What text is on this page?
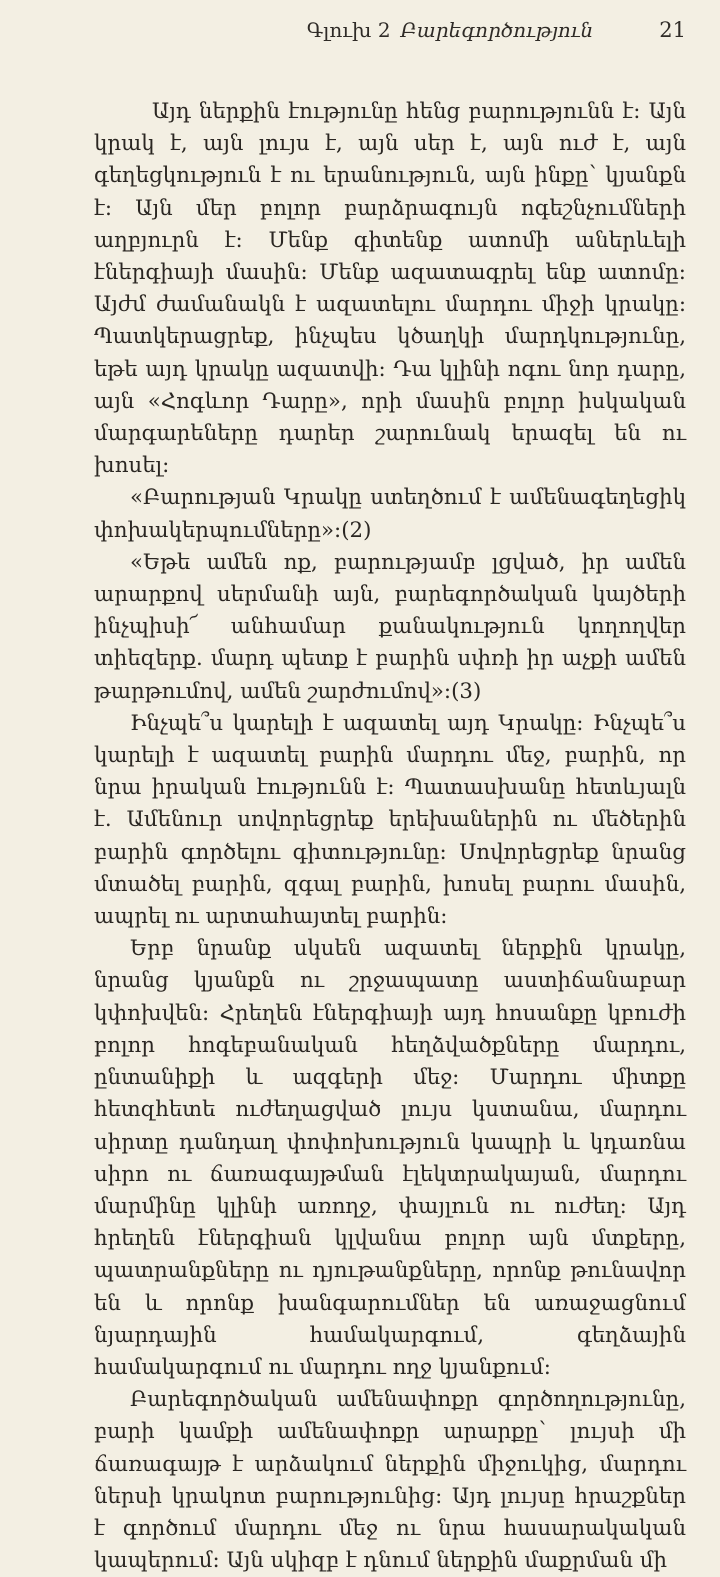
Գլուխ 2 Բարեգործություն	21

Այդ ներքին էությունը հենց բարությունն է: Այն կրակ է, այն լույս է, այն սեր է, այն ուժ է, այն գեղեցկություն է ու երանություն, այն ինքը՝ կյանքն է: Այն մեր բոլոր բարձրագույն ոգեշնչումների աղբյուրն է: Մենք գիտենք ատոմի աներևելի էներգիայի մասին: Մենք ազատագրել ենք ատոմը: Այժմ ժամանակն է ազատելու մարդու միջի կրակը: Պատկերացրեք, ինչպես կծաղկի մարդկությունը, եթե այդ կրակը ազատվի: Դա կլինի ոգու նոր դարը, այն «Հոգևոր Դարը», որի մասին բոլոր իսկական մարգարեները դարեր շարունակ երազել են ու խոսել:

«Բարության Կրակը ստեղծում է ամենագեղեցիկ փոխակերպումները»:(2)

«Եթե ամեն ոք, բարությամբ լցված, իր ամեն արարքով սերմանի այն, բարեգործական կայծերի ինչպիսի՜ անհամար քանակություն կողողվեր տիեզերք. մարդ պետք է բարին սփռի իր աչքի ամեն թարթումով, ամեն շարժումով»:(3)

Ինչպե՞ս կարելի է ազատել այդ Կրակը: Ինչպե՞ս կարելի է ազատել բարին մարդու մեջ, բարին, որ նրա իրական էությունն է: Պատասխանը հետևյալն է. Ամենուր սովորեցրեք երեխաներին ու մեծերին բարին գործելու գիտությունը: Սովորեցրեք նրանց մտածել բարին, զգալ բարին, խոսել բարու մասին, ապրել ու արտահայտել բարին:

Երբ նրանք սկսեն ազատել ներքին կրակը, նրանց կյանքն ու շրջապատը աստիճանաբար կփոխվեն: Հրեղեն էներգիայի այդ հոսանքը կբուժի բոլոր հոգեբանական հեղձվածքները մարդու, ընտանիքի և ազգերի մեջ: Մարդու միտքը հետզհետե ուժեղացված լույս կստանա, մարդու սիրտը դանդաղ փոփոխություն կապրի և կդառնա սիրո ու ճառագայթման էլեկտրակայան, մարդու մարմինը կլինի առողջ, փայլուն ու ուժեղ: Այդ հրեղեն էներգիան կլվանա բոլոր այն մտքերը, պատրանքները ու դյութանքները, որոնք թունավոր են և որոնք խանգարումներ են առաջացնում նյարդային համակարգում, գեղձային համակարգում ու մարդու ողջ կյանքում:

Բարեգործական ամենափոքր գործողությունը, բարի կամքի ամենափոքր արարքը՝ լույսի մի ճառագայթ է արձակում ներքին միջուկից, մարդու ներսի կրակոտ բարությունից: Այդ լույսը հրաշքներ է գործում մարդու մեջ ու նրա հասարակական կապերում: Այն սկիզբ է դնում ներքին մաքրման մի
